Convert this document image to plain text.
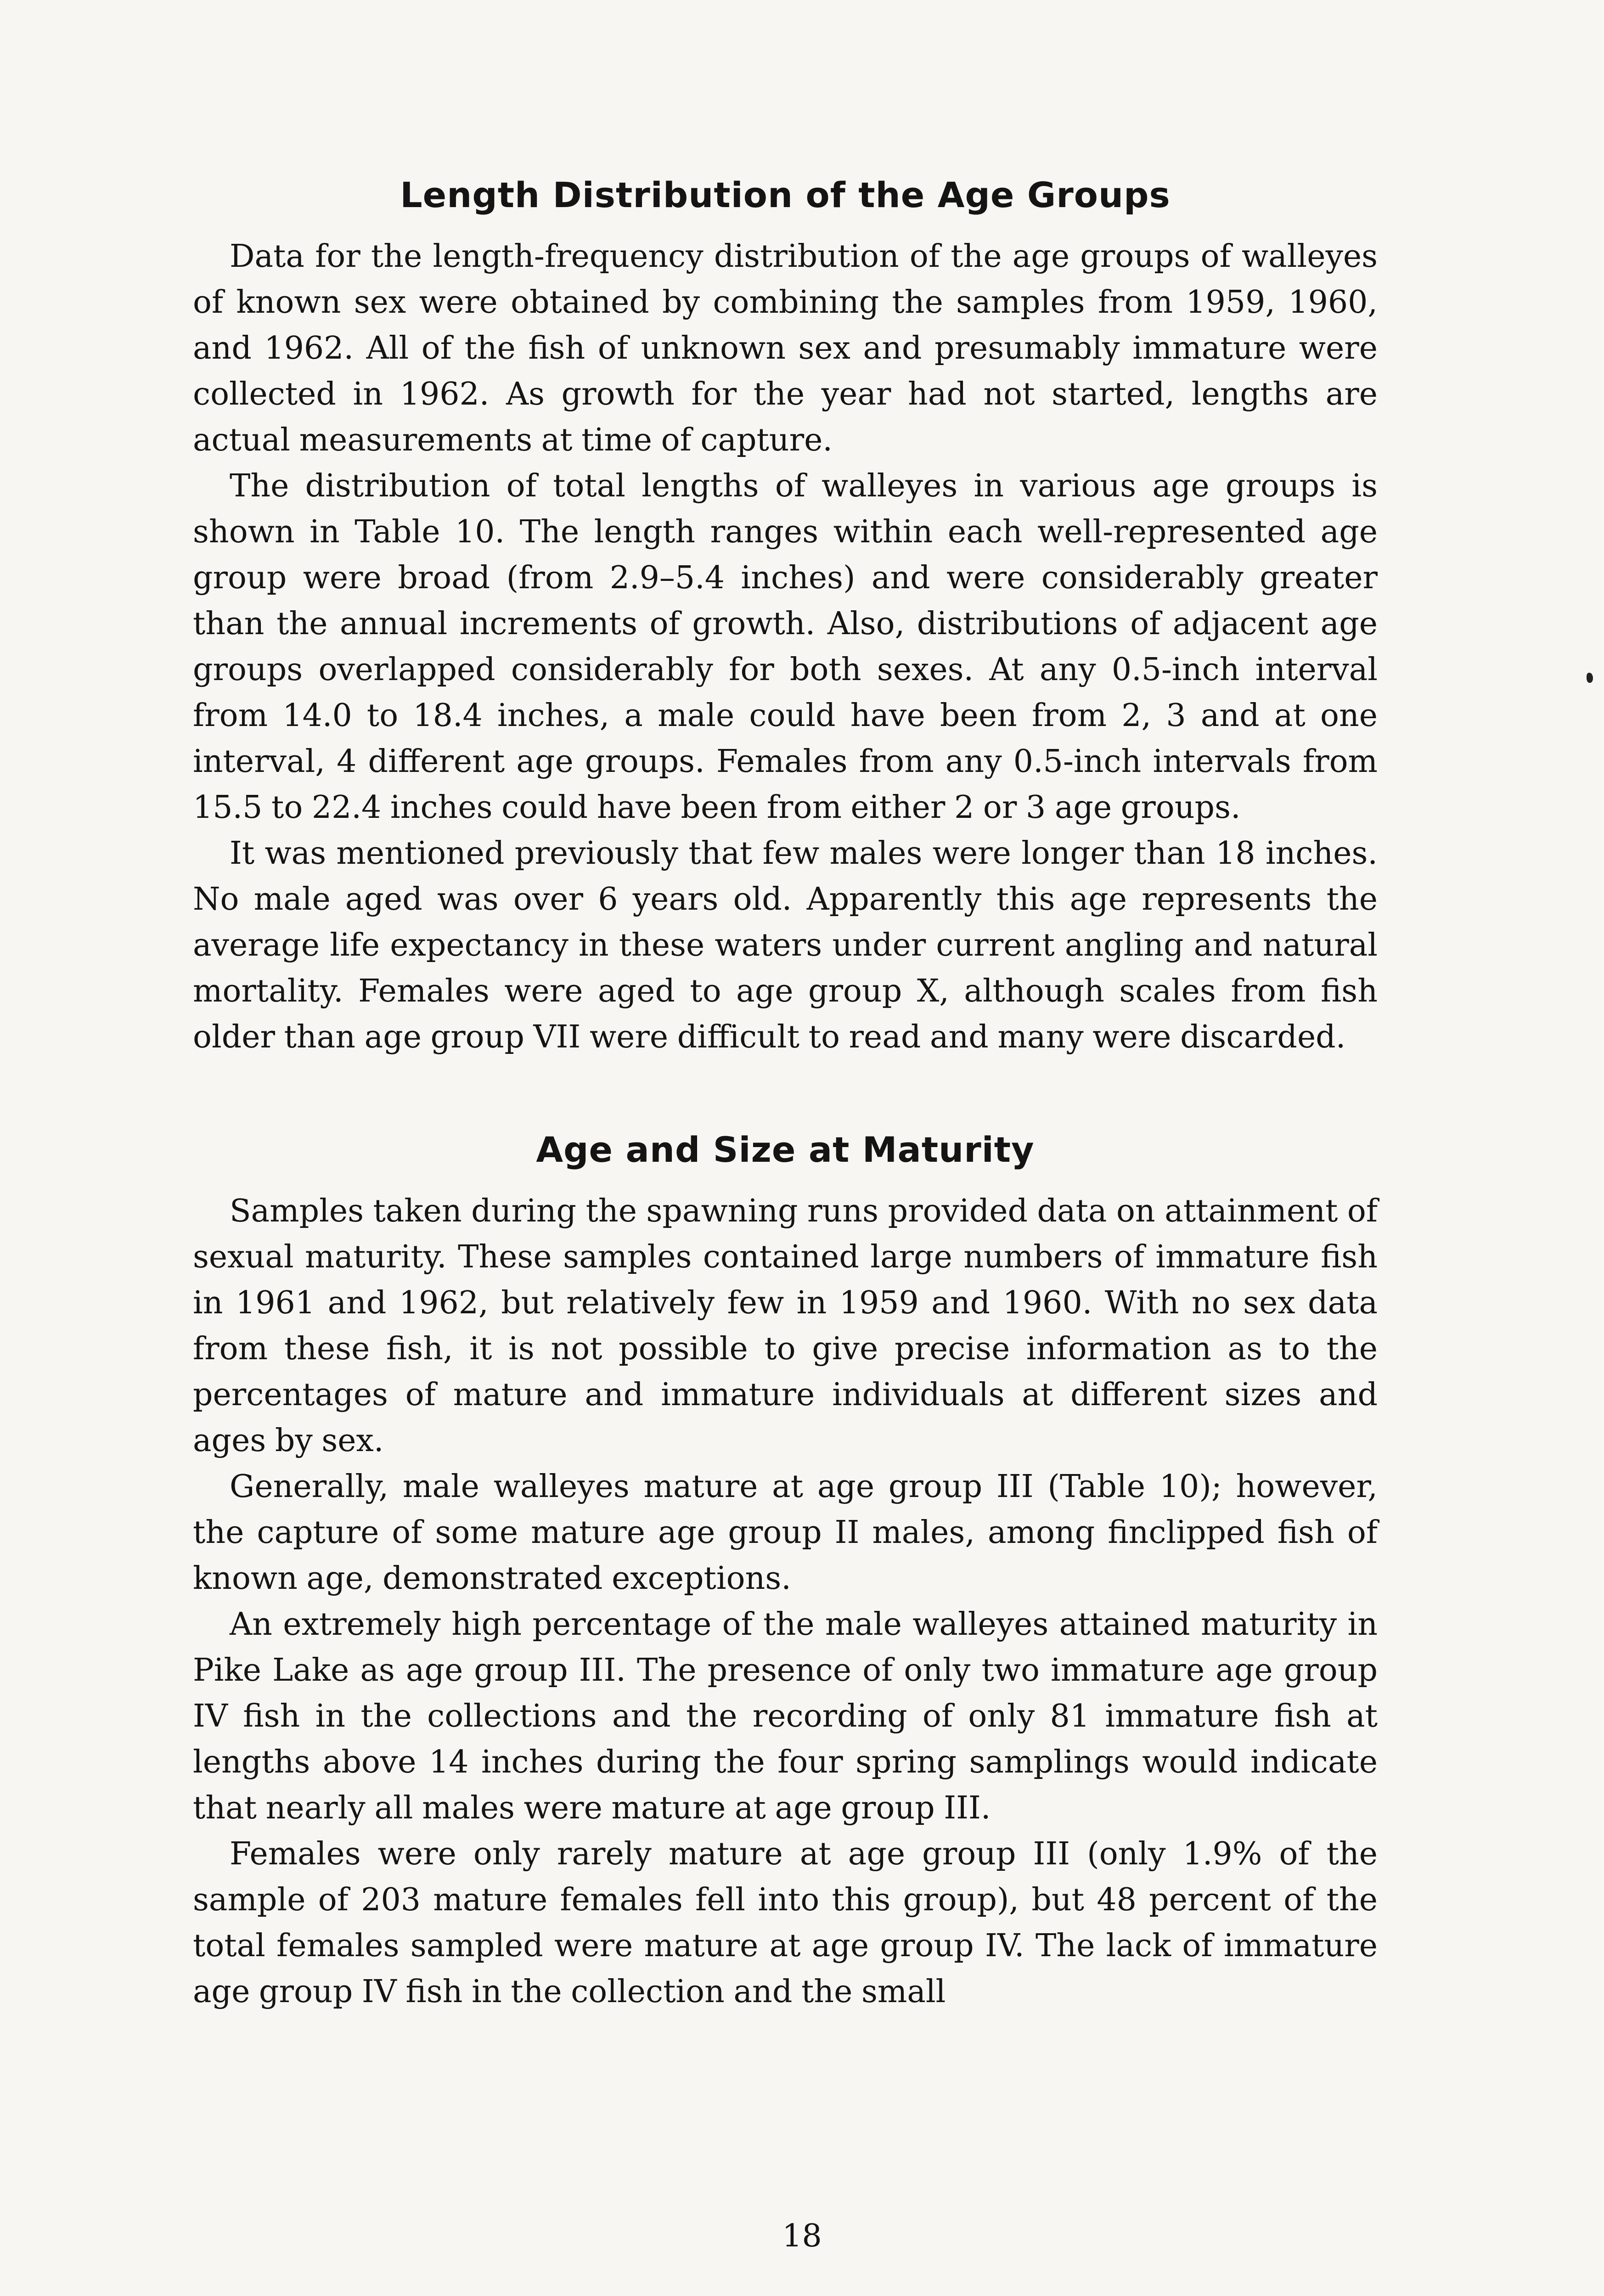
Length Distribution of the Age Groups

Data for the length-frequency distribution of the age groups of walleyes of known sex were obtained by combining the samples from 1959, 1960, and 1962. All of the fish of unknown sex and presumably immature were collected in 1962. As growth for the year had not started, lengths are actual measurements at time of capture.

The distribution of total lengths of walleyes in various age groups is shown in Table 10. The length ranges within each well-represented age group were broad (from 2.9–5.4 inches) and were considerably greater than the annual increments of growth. Also, distributions of adjacent age groups overlapped considerably for both sexes. At any 0.5-inch interval from 14.0 to 18.4 inches, a male could have been from 2, 3 and at one interval, 4 different age groups. Females from any 0.5-inch intervals from 15.5 to 22.4 inches could have been from either 2 or 3 age groups.

It was mentioned previously that few males were longer than 18 inches. No male aged was over 6 years old. Apparently this age represents the average life expectancy in these waters under current angling and natural mortality. Females were aged to age group X, although scales from fish older than age group VII were difficult to read and many were discarded.

Age and Size at Maturity

Samples taken during the spawning runs provided data on attainment of sexual maturity. These samples contained large numbers of immature fish in 1961 and 1962, but relatively few in 1959 and 1960. With no sex data from these fish, it is not possible to give precise information as to the percentages of mature and immature individuals at different sizes and ages by sex.

Generally, male walleyes mature at age group III (Table 10); however, the capture of some mature age group II males, among finclipped fish of known age, demonstrated exceptions.

An extremely high percentage of the male walleyes attained maturity in Pike Lake as age group III. The presence of only two immature age group IV fish in the collections and the recording of only 81 immature fish at lengths above 14 inches during the four spring samplings would indicate that nearly all males were mature at age group III.

Females were only rarely mature at age group III (only 1.9% of the sample of 203 mature females fell into this group), but 48 percent of the total females sampled were mature at age group IV. The lack of immature age group IV fish in the collection and the small

18
